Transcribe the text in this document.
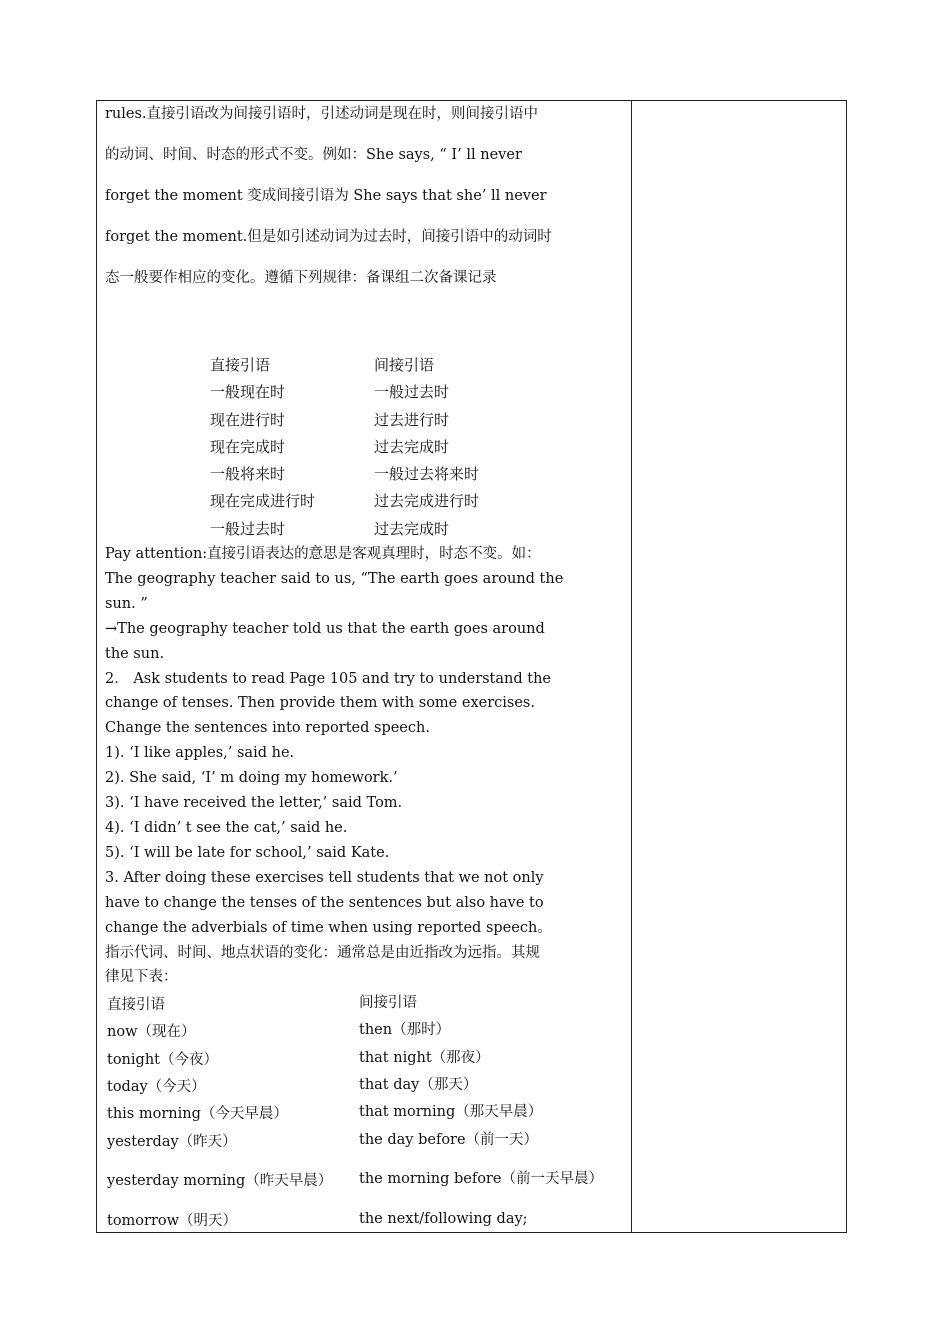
rules.直接引语改为间接引语时，引述动词是现在时，则间接引语中

的动词、时间、时态的形式不变。例如：She says, “ I’ ll never

forget the moment 变成间接引语为 She says that she’ ll never

forget the moment.但是如引述动词为过去时，间接引语中的动词时

态一般要作相应的变化。遵循下列规律：备课组二次备课记录

直接引语	间接引语
一般现在时	一般过去时
现在进行时	过去进行时
现在完成时	过去完成时
一般将来时	一般过去将来时
现在完成进行时	过去完成进行时
一般过去时	过去完成时
Pay attention:直接引语表达的意思是客观真理时，时态不变。如：
The geography teacher said to us, “The earth goes around the
sun. ”
→The geography teacher told us that the earth goes around
the sun.
2． Ask students to read Page 105 and try to understand the
change of tenses. Then provide them with some exercises.
Change the sentences into reported speech.
1). ‘I like apples,’ said he.
2). She said, ‘I’ m doing my homework.’
3). ‘I have received the letter,’ said Tom.
4). ‘I didn’ t see the cat,’ said he.
5). ‘I will be late for school,’ said Kate.
3. After doing these exercises tell students that we not only
have to change the tenses of the sentences but also have to
change the adverbials of time when using reported speech。
指示代词、时间、地点状语的变化：通常总是由近指改为远指。其规
律见下表：
直接引语	间接引语
now（现在）	then（那时）
tonight（今夜）	that night（那夜）
today（今天）	that day（那天）
this morning（今天早晨）	that morning（那天早晨）
yesterday（昨天）	the day before（前一天）
yesterday morning（昨天早晨）	the morning before（前一天早晨）
tomorrow（明天）	the next/following day;
